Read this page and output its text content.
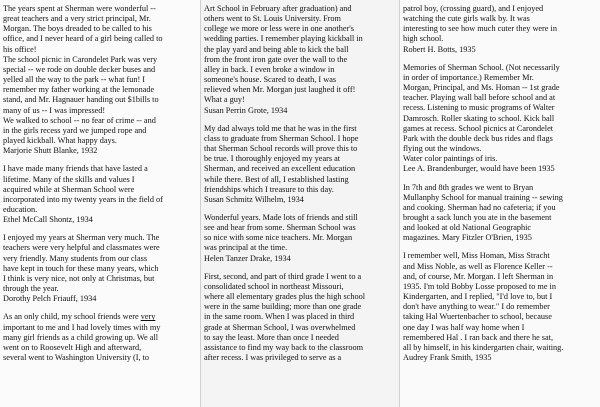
The years spent at Sherman were wonderful --
great teachers and a very strict principal, Mr.
Morgan. The boys dreaded to be called to his
office, and I never heard of a girl being called to
his office!
The school picnic in Carondelet Park was very
special -- we rode on double decker buses and
yelled all the way to the park -- what fun! I
remember my father working at the lemonade
stand, and Mr. Hagnauer handing out $1bills to
many of us -- I was impressed!
We walked to school -- no fear of crime -- and
in the girls recess yard we jumped rope and
played kickball. What happy days.
Marjorie Shutt Blanke, 1932
I have made many friends that have lasted a
lifetime. Many of the skills and values I
acquired while at Sherman School were
incorporated into my twenty years in the field of
education.
Ethel McCall Shontz, 1934
I enjoyed my years at Sherman very much. The
teachers were very helpful and classmates were
very friendly. Many students from our class
have kept in touch for these many years, which
I think is very nice, not only at Christmas, but
through the year.
Dorothy Pelch Friauff, 1934
As an only child, my school friends were very
important to me and I had lovely times with my
many girl friends as a child growing up. We all
went on to Roosevelt High and afterward,
several went to Washington University (I, to
Art School in February after graduation) and
others went to St. Louis University. From
college we more or less were in one another's
wedding parties. I remember playing kickball in
the play yard and being able to kick the ball
from the front iron gate over the wall to the
alley in back. I even broke a window in
someone's house. Scared to death, I was
relieved when Mr. Morgan just laughed it off!
What a guy!
Susan Perrin Grote, 1934
My dad always told me that he was in the first
class to graduate from Sherman School. I hope
that Sherman School records will prove this to
be true. I thoroughly enjoyed my years at
Sherman, and received an excellent education
while there. Best of all, I established lasting
friendships which I treasure to this day.
Susan Schmitz Wilhelm, 1934
Wonderful years. Made lots of friends and still
see and hear from some. Sherman School was
so nice with some nice teachers. Mr. Morgan
was principal at the time.
Helen Tanzer Drake, 1934
First, second, and part of third grade I went to a
consolidated school in northeast Missouri,
where all elementary grades plus the high school
were in the same building; more than one grade
in the same room. When I was placed in third
grade at Sherman School, I was overwhelmed
to say the least. More than once I needed
assistance to find my way back to the classroom
after recess. I was privileged to serve as a
patrol boy, (crossing guard), and I enjoyed
watching the cute girls walk by. It was
interesting to see how much cuter they were in
high school.
Robert H. Botts, 1935
Memories of Sherman School. (Not necessarily
in order of importance.) Remember Mr.
Morgan, Principal, and Ms. Homan -- 1st grade
teacher. Playing wall ball before school and at
recess. Listening to music programs of Walter
Damrosch. Roller skating to school. Kick ball
games at recess. School picnics at Carondelet
Park with the double deck bus rides and flags
flying out the windows.
Water color paintings of iris.
Lee A. Brandenburger, would have been 1935
In 7th and 8th grades we went to Bryan
Mullanphy School for manual training -- sewing
and cooking. Sherman had no cafeteria; if you
brought a sack lunch you ate in the basement
and looked at old National Geographic
magazines. Mary Fitzler O'Brien, 1935
I remember well, Miss Homan, Miss Stracht
and Miss Noble, as well as Florence Keller --
and, of course, Mr. Morgan. I left Sherman in
1935. I'm told Bobby Losse proposed to me in
Kindergarten, and I replied, "I'd love to, but I
don't have anything to wear." I do remember
taking Hal Wuertenbacher to school, because
one day I was half way home when I
remembered Hal . I ran back and there he sat,
all by himself, in his kindergarten chair, waiting.
Audrey Frank Smith, 1935
